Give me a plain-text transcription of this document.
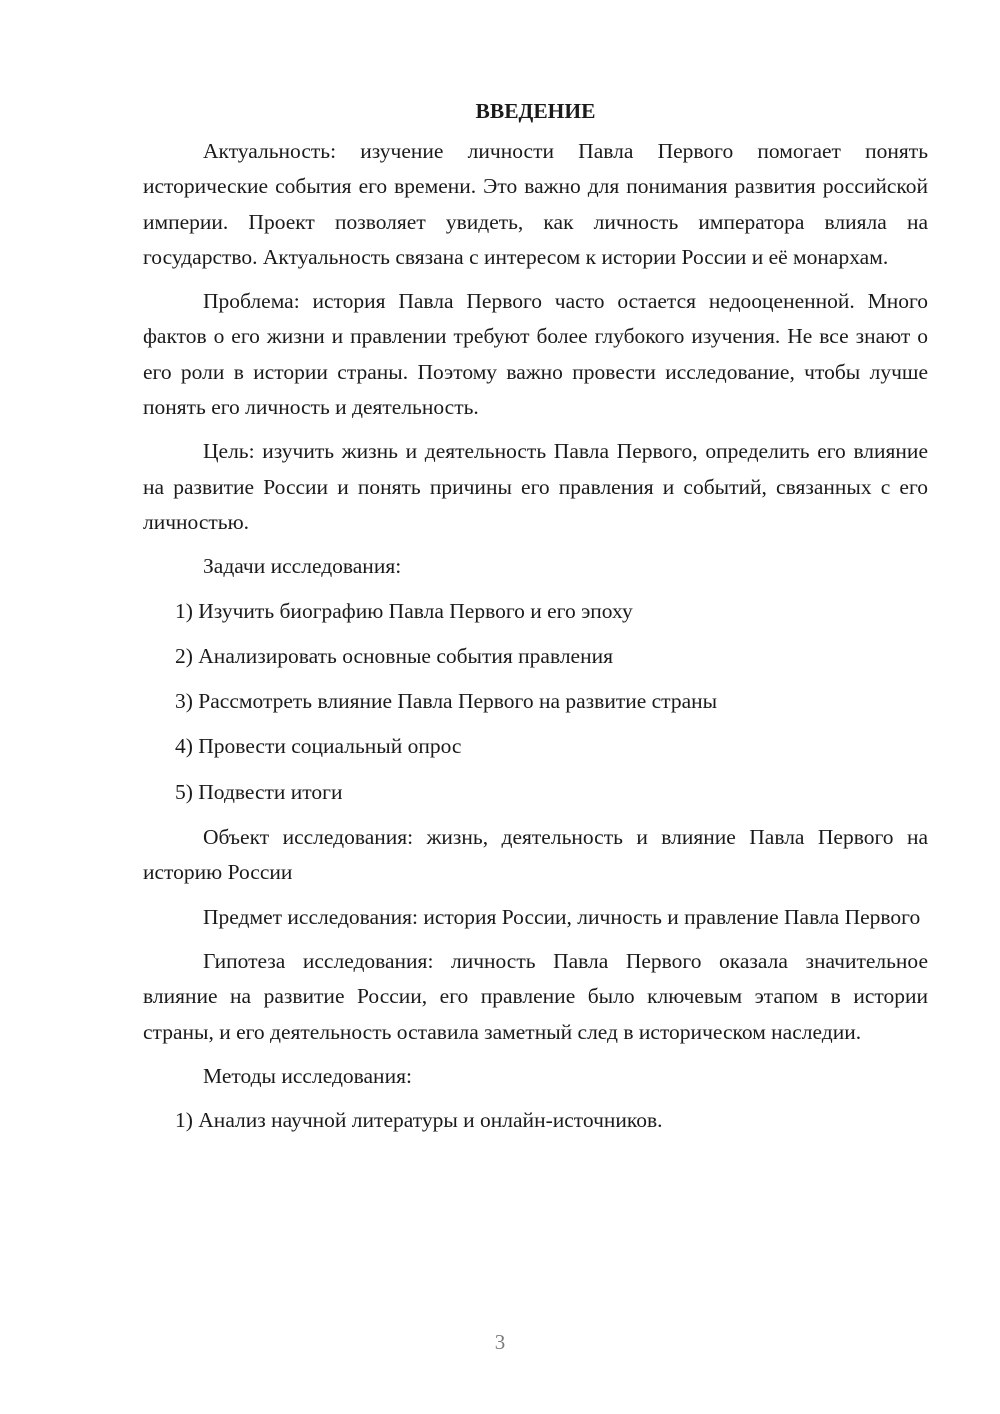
ВВЕДЕНИЕ

Актуальность: изучение личности Павла Первого помогает понять исторические события его времени. Это важно для понимания развития российской империи. Проект позволяет увидеть, как личность императора влияла на государство. Актуальность связана с интересом к истории России и её монархам.

Проблема: история Павла Первого часто остается недооцененной. Много фактов о его жизни и правлении требуют более глубокого изучения. Не все знают о его роли в истории страны. Поэтому важно провести исследование, чтобы лучше понять его личность и деятельность.

Цель: изучить жизнь и деятельность Павла Первого, определить его влияние на развитие России и понять причины его правления и событий, связанных с его личностью.

Задачи исследования:

1) Изучить биографию Павла Первого и его эпоху
2) Анализировать основные события правления
3) Рассмотреть влияние Павла Первого на развитие страны
4) Провести социальный опрос
5) Подвести итоги

Объект исследования: жизнь, деятельность и влияние Павла Первого на историю России

Предмет исследования: история России, личность и правление Павла Первого

Гипотеза исследования: личность Павла Первого оказала значительное влияние на развитие России, его правление было ключевым этапом в истории страны, и его деятельность оставила заметный след в историческом наследии.

Методы исследования:

1) Анализ научной литературы и онлайн-источников.
3
